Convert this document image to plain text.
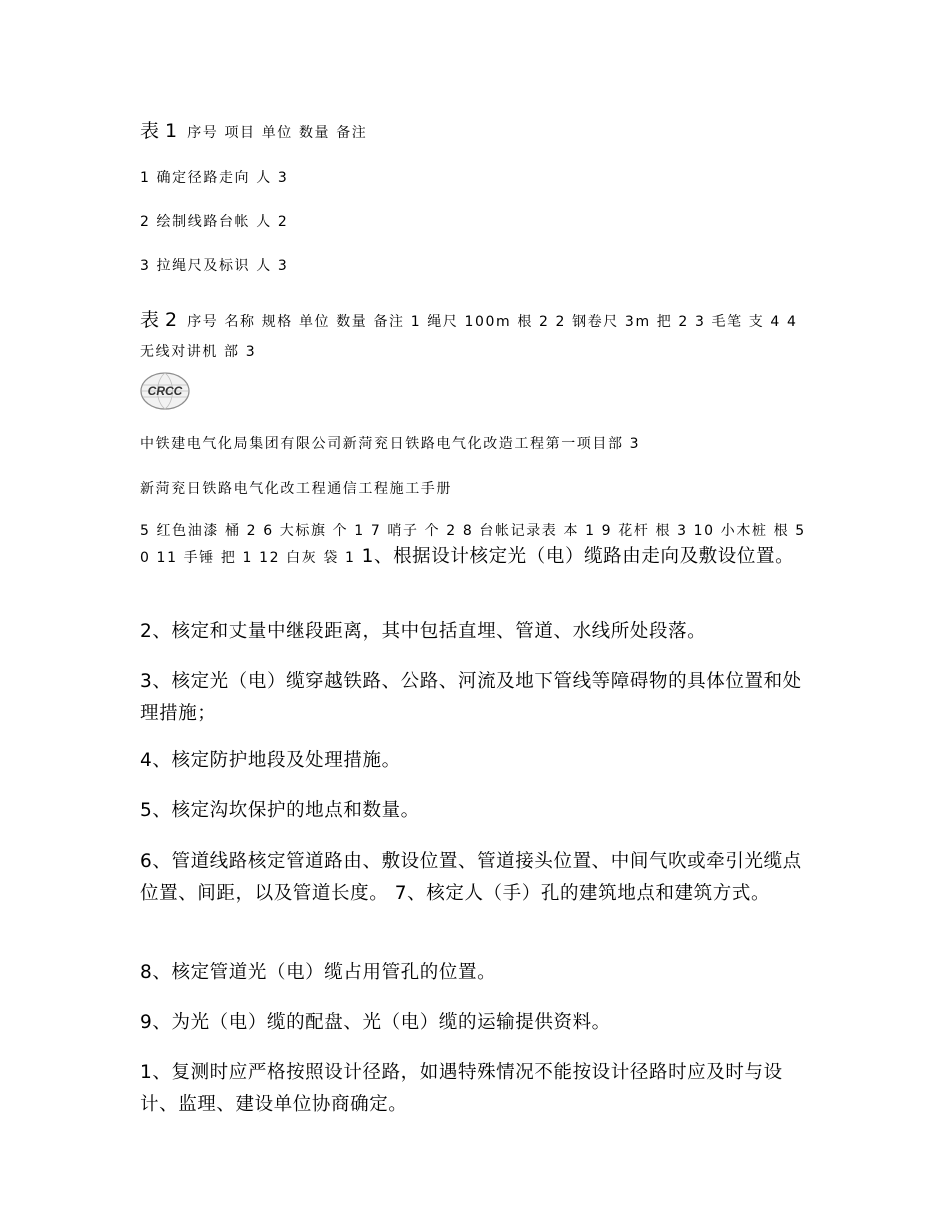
表 1 序号 项目 单位 数量 备注

1 确定径路走向 人 3

2 绘制线路台帐 人 2

3 拉绳尺及标识 人 3

表 2 序号 名称 规格 单位 数量 备注 1 绳尺 100m 根 2 2 钢卷尺 3m 把 2 3 毛笔 支 4 4 无线对讲机 部 3

CRCC

中铁建电气化局集团有限公司新菏兖日铁路电气化改造工程第一项目部 3

新菏兖日铁路电气化改工程通信工程施工手册

5 红色油漆 桶 2 6 大标旗 个 1 7 哨子 个 2 8 台帐记录表 本 1 9 花杆 根 3 10 小木桩 根 50 11 手锤 把 1 12 白灰 袋 1 1、根据设计核定光（电）缆路由走向及敷设位置。

2、核定和丈量中继段距离，其中包括直埋、管道、水线所处段落。

3、核定光（电）缆穿越铁路、公路、河流及地下管线等障碍物的具体位置和处理措施；

4、核定防护地段及处理措施。

5、核定沟坎保护的地点和数量。

6、管道线路核定管道路由、敷设位置、管道接头位置、中间气吹或牵引光缆点位置、间距，以及管道长度。 7、核定人（手）孔的建筑地点和建筑方式。

8、核定管道光（电）缆占用管孔的位置。

9、为光（电）缆的配盘、光（电）缆的运输提供资料。

1、复测时应严格按照设计径路，如遇特殊情况不能按设计径路时应及时与设计、监理、建设单位协商确定。
